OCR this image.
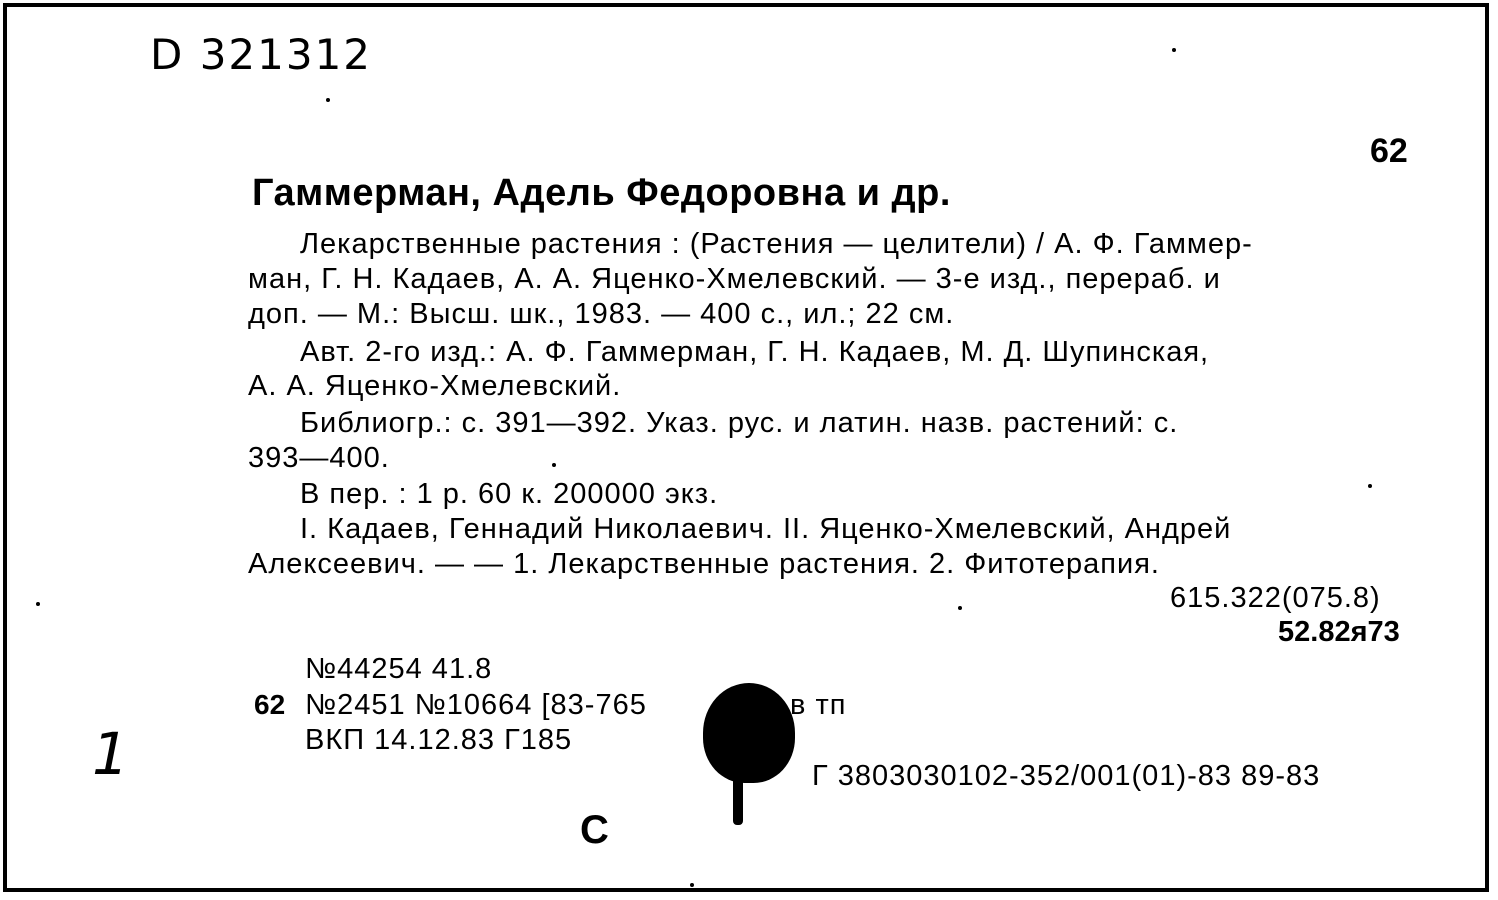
D 321312
62
Гаммерман, Адель Федоровна и др.
Лекарственные растения : (Растения — целители) / А. Ф. Гаммер-
ман, Г. Н. Кадаев, А. А. Яценко-Хмелевский. — 3-е изд., перераб. и
доп. — М.: Высш. шк., 1983. — 400 с., ил.; 22 см.
Авт. 2-го изд.: А. Ф. Гаммерман, Г. Н. Кадаев, М. Д. Шупинская,
А. А. Яценко-Хмелевский.
Библиогр.: с. 391—392. Указ. рус. и латин. назв. растений: с.
393—400.
В пер. : 1 р. 60 к. 200000 экз.
I. Кадаев, Геннадий Николаевич. II. Яценко-Хмелевский, Андрей
Алексеевич. — — 1. Лекарственные растения. 2. Фитотерапия.
615.322(075.8)
52.82я73
№44254 41.8
62 №2451 №10664 [83-765	в тп
ВКП 14.12.83 Г185
Г 3803030102-352/001(01)-83 89-83
1
С
